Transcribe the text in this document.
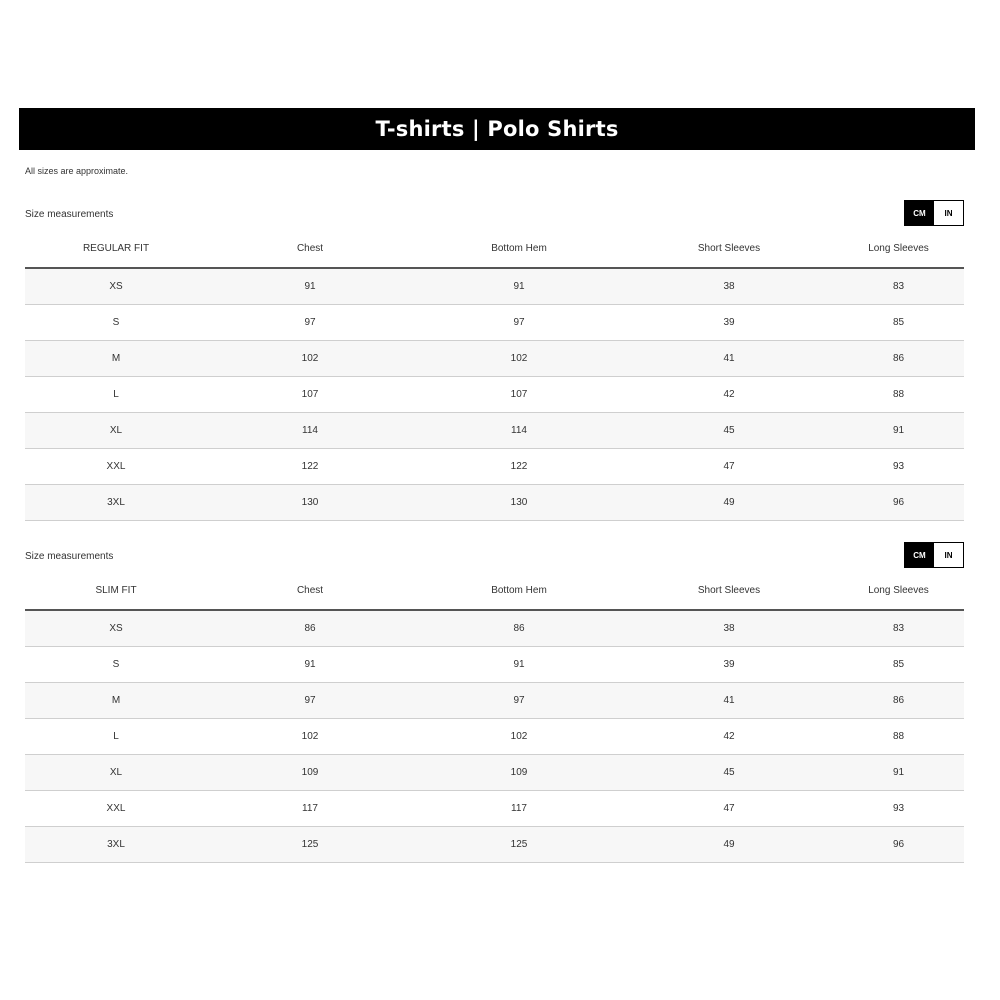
T-shirts | Polo Shirts
All sizes are approximate.
Size measurements	CM	IN
REGULAR FIT	Chest	Bottom Hem	Short Sleeves	Long Sleeves
XS	91	91	38	83
S	97	97	39	85
M	102	102	41	86
L	107	107	42	88
XL	114	114	45	91
XXL	122	122	47	93
3XL	130	130	49	96
Size measurements	CM	IN
SLIM FIT	Chest	Bottom Hem	Short Sleeves	Long Sleeves
XS	86	86	38	83
S	91	91	39	85
M	97	97	41	86
L	102	102	42	88
XL	109	109	45	91
XXL	117	117	47	93
3XL	125	125	49	96
